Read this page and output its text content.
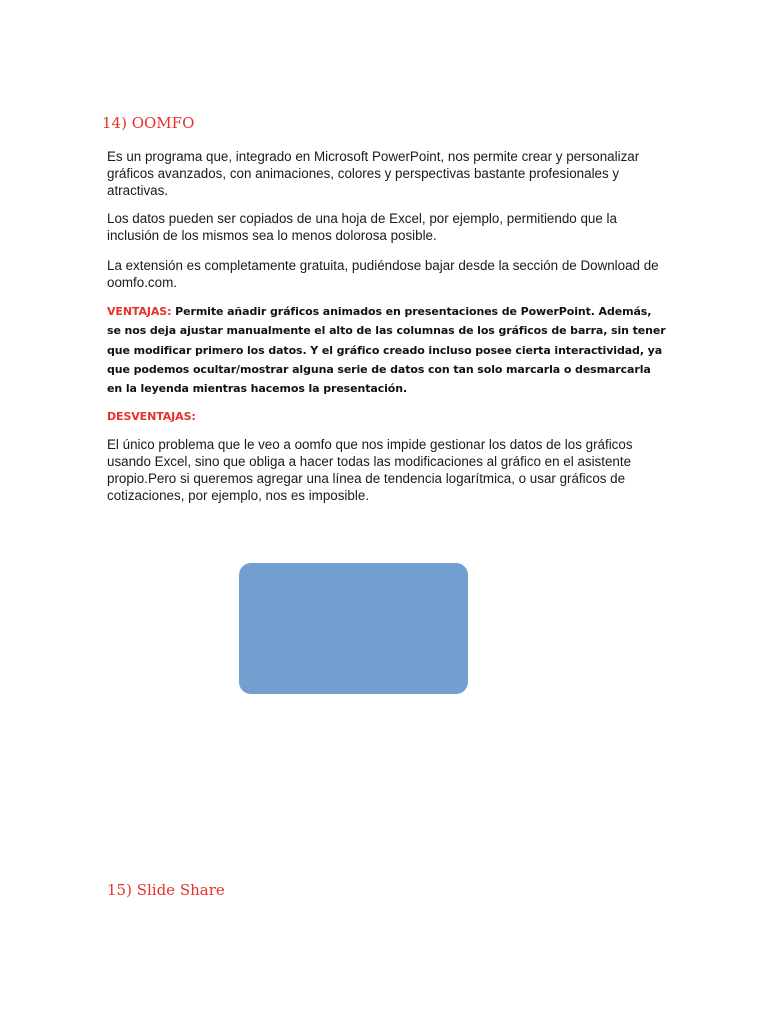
14) OOMFO

Es un programa que, integrado en Microsoft PowerPoint, nos permite crear y personalizar gráficos avanzados, con animaciones, colores y perspectivas bastante profesionales y atractivas.

Los datos pueden ser copiados de una hoja de Excel, por ejemplo, permitiendo que la inclusión de los mismos sea lo menos dolorosa posible.

La extensión es completamente gratuita, pudiéndose bajar desde la sección de Download de oomfo.com.

VENTAJAS: Permite añadir gráficos animados en presentaciones de PowerPoint. Además, se nos deja ajustar manualmente el alto de las columnas de los gráficos de barra, sin tener que modificar primero los datos. Y el gráfico creado incluso posee cierta interactividad, ya que podemos ocultar/mostrar alguna serie de datos con tan solo marcarla o desmarcarla en la leyenda mientras hacemos la presentación.

DESVENTAJAS:

El único problema que le veo a oomfo que nos impide gestionar los datos de los gráficos usando Excel, sino que obliga a hacer todas las modificaciones al gráfico en el asistente propio.Pero si queremos agregar una línea de tendencia logarítmica, o usar gráficos de cotizaciones, por ejemplo, nos es imposible.

15) Slide Share
